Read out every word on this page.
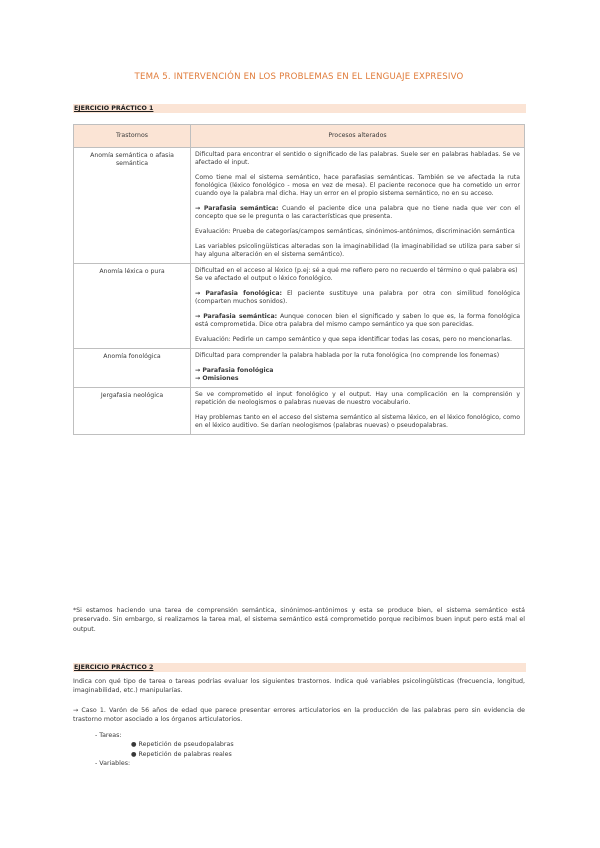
TEMA 5. INTERVENCIÓN EN LOS PROBLEMAS EN EL LENGUAJE EXPRESIVO
EJERCICIO PRÁCTICO 1
Trastornos	Procesos alterados
Anomía semántica o afasia semántica	Dificultad para encontrar el sentido o significado de las palabras. Suele ser en palabras habladas. Se ve afectado el input.

Como tiene mal el sistema semántico, hace parafasias semánticas. También se ve afectada la ruta fonológica (léxico fonológico - mosa en vez de mesa). El paciente reconoce que ha cometido un error cuando oye la palabra mal dicha. Hay un error en el propio sistema semántico, no en su acceso.

→ Parafasia semántica: Cuando el paciente dice una palabra que no tiene nada que ver con el concepto que se le pregunta o las características que presenta.

Evaluación: Prueba de categorías/campos semánticas, sinónimos-antónimos, discriminación semántica

Las variables psicolingüísticas alteradas son la imaginabilidad (la imaginabilidad se utiliza para saber si hay alguna alteración en el sistema semántico).

Anomía léxica o pura	Dificultad en el acceso al léxico (p.ej: sé a qué me refiero pero no recuerdo el término o qué palabra es)
Se ve afectado el output o léxico fonológico.

→ Parafasia fonológica: El paciente sustituye una palabra por otra con similitud fonológica (comparten muchos sonidos).

→ Parafasia semántica: Aunque conocen bien el significado y saben lo que es, la forma fonológica está comprometida. Dice otra palabra del mismo campo semántico ya que son parecidas.

Evaluación: Pedirle un campo semántico y que sepa identificar todas las cosas, pero no mencionarlas.

Anomía fonológica	Dificultad para comprender la palabra hablada por la ruta fonológica (no comprende los fonemas)

→ Parafasia fonológica
→ Omisiones

Jergafasia neológica	Se ve comprometido el input fonológico y el output. Hay una complicación en la comprensión y repetición de neologismos o palabras nuevas de nuestro vocabulario.

Hay problemas tanto en el acceso del sistema semántico al sistema léxico, en el léxico fonológico, como en el léxico auditivo. Se darían neologismos (palabras nuevas) o pseudopalabras.

*Si estamos haciendo una tarea de comprensión semántica, sinónimos-antónimos y esta se produce bien, el sistema semántico está preservado. Sin embargo, si realizamos la tarea mal, el sistema semántico está comprometido porque recibimos buen input pero está mal el output.
EJERCICIO PRÁCTICO 2
Indica con qué tipo de tarea o tareas podrías evaluar los siguientes trastornos. Indica qué variables psicolingüísticas (frecuencia, longitud, imaginabilidad, etc.) manipularías.
→ Caso 1. Varón de 56 años de edad que parece presentar errores articulatorios en la producción de las palabras pero sin evidencia de trastorno motor asociado a los órganos articulatorios.
- Tareas:
● Repetición de pseudopalabras
● Repetición de palabras reales
- Variables:
